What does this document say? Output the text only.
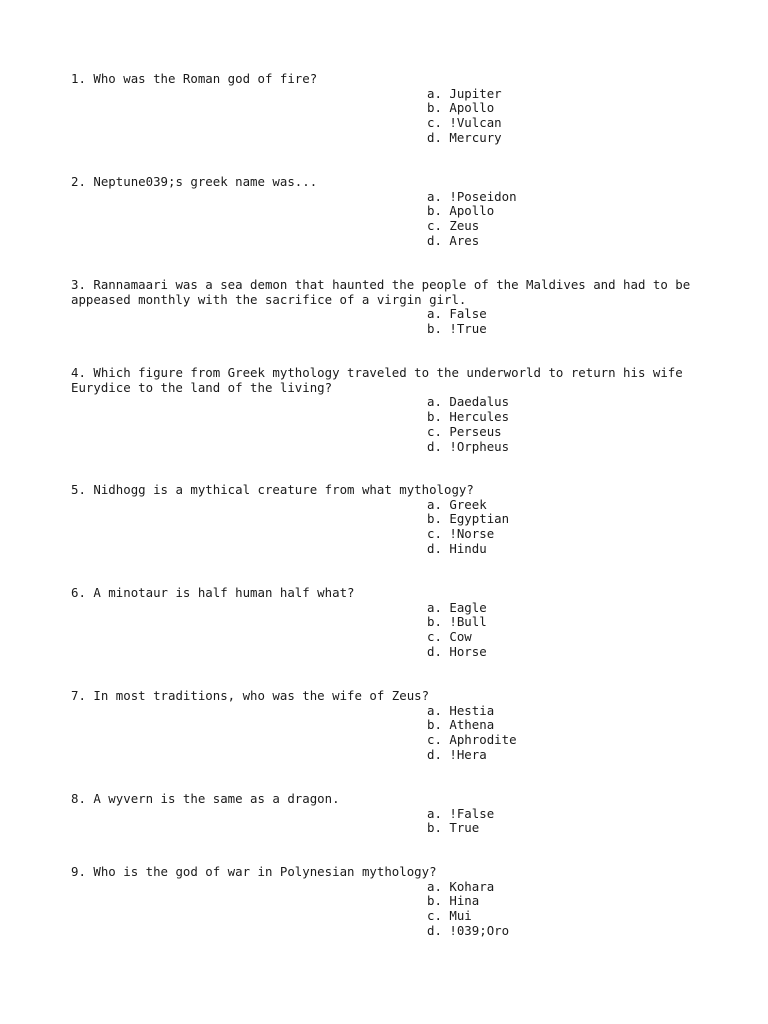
1. Who was the Roman god of fire?

a. Jupiter
b. Apollo
c. !Vulcan
d. Mercury

2. Neptune039;s greek name was...

a. !Poseidon
b. Apollo
c. Zeus
d. Ares

3. Rannamaari was a sea demon that haunted the people of the Maldives and had to be
appeased monthly with the sacrifice of a virgin girl.

a. False
b. !True

4. Which figure from Greek mythology traveled to the underworld to return his wife
Eurydice to the land of the living?

a. Daedalus
b. Hercules
c. Perseus
d. !Orpheus

5. Nidhogg is a mythical creature from what mythology?

a. Greek
b. Egyptian
c. !Norse
d. Hindu

6. A minotaur is half human half what?

a. Eagle
b. !Bull
c. Cow
d. Horse

7. In most traditions, who was the wife of Zeus?

a. Hestia
b. Athena
c. Aphrodite
d. !Hera

8. A wyvern is the same as a dragon.

a. !False
b. True

9. Who is the god of war in Polynesian mythology?

a. Kohara
b. Hina
c. Mui
d. !039;Oro
